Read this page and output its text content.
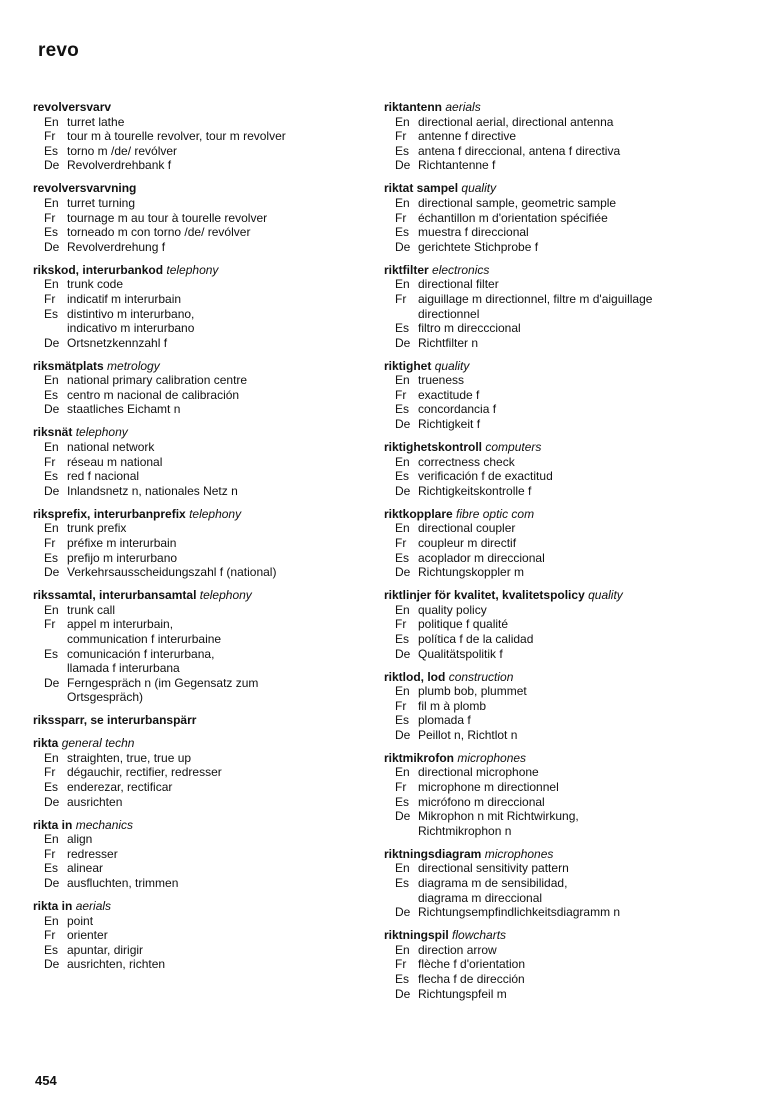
revo
revolversvarv
En turret lathe
Fr tour m à tourelle revolver, tour m revolver
Es torno m /de/ revólver
De Revolverdrehbank f
revolversvarvning
En turret turning
Fr tournage m au tour à tourelle revolver
Es torneado m con torno /de/ revólver
De Revolverdrehung f
rikskod, interurbankod telephony
En trunk code
Fr indicatif m interurbain
Es distintivo m interurbano,
indicativo m interurbano
De Ortsnetzkennzahl f
riksmätplats metrology
En national primary calibration centre
Es centro m nacional de calibración
De staatliches Eichamt n
riksnät telephony
En national network
Fr réseau m national
Es red f nacional
De Inlandsnetz n, nationales Netz n
riksprefix, interurbanprefix telephony
En trunk prefix
Fr préfixe m interurbain
Es prefijo m interurbano
De Verkehrsausscheidungszahl f (national)
rikssamtal, interurbansamtal telephony
En trunk call
Fr appel m interurbain,
communication f interurbaine
Es comunicación f interurbana,
llamada f interurbana
De Ferngespräch n (im Gegensatz zum
Ortsgespräch)
rikssparr, se interurbanspärr
rikta general techn
En straighten, true, true up
Fr dégauchir, rectifier, redresser
Es enderezar, rectificar
De ausrichten
rikta in mechanics
En align
Fr redresser
Es alinear
De ausfluchten, trimmen
rikta in aerials
En point
Fr orienter
Es apuntar, dirigir
De ausrichten, richten
riktantenn aerials
En directional aerial, directional antenna
Fr antenne f directive
Es antena f direccional, antena f directiva
De Richtantenne f
riktat sampel quality
En directional sample, geometric sample
Fr échantillon m d'orientation spécifiée
Es muestra f direccional
De gerichtete Stichprobe f
riktfilter electronics
En directional filter
Fr aiguillage m directionnel, filtre m d'aiguillage
directionnel
Es filtro m direcccional
De Richtfilter n
riktighet quality
En trueness
Fr exactitude f
Es concordancia f
De Richtigkeit f
riktighetskontroll computers
En correctness check
Es verificación f de exactitud
De Richtigkeitskontrolle f
riktkopplare fibre optic com
En directional coupler
Fr coupleur m directif
Es acoplador m direccional
De Richtungskoppler m
riktlinjer för kvalitet, kvalitetspolicy quality
En quality policy
Fr politique f qualité
Es política f de la calidad
De Qualitätspolitik f
riktlod, lod construction
En plumb bob, plummet
Fr fil m à plomb
Es plomada f
De Peillot n, Richtlot n
riktmikrofon microphones
En directional microphone
Fr microphone m directionnel
Es micrófono m direccional
De Mikrophon n mit Richtwirkung,
Richtmikrophon n
riktningsdiagram microphones
En directional sensitivity pattern
Es diagrama m de sensibilidad,
diagrama m direccional
De Richtungsempfindlichkeitsdiagramm n
riktningspil flowcharts
En direction arrow
Fr flèche f d'orientation
Es flecha f de dirección
De Richtungspfeil m
454
